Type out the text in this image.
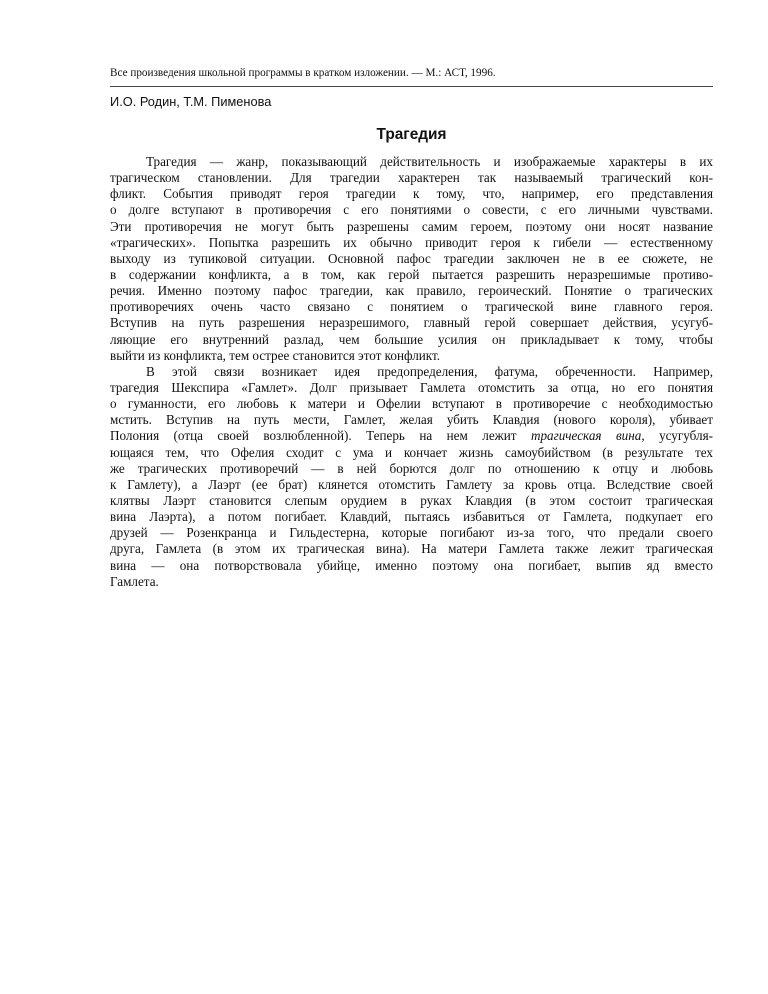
Все произведения школьной программы в кратком изложении. — М.: АСТ, 1996.

И.О. Родин, Т.М. Пименова

Трагедия
Трагедия — жанр, показывающий действительность и изображаемые характеры в их
трагическом становлении. Для трагедии характерен так называемый трагический кон-
фликт. События приводят героя трагедии к тому, что, например, его представления
о долге вступают в противоречия с его понятиями о совести, с его личными чувствами.
Эти противоречия не могут быть разрешены самим героем, поэтому они носят название
«трагических». Попытка разрешить их обычно приводит героя к гибели — естественному
выходу из тупиковой ситуации. Основной пафос трагедии заключен не в ее сюжете, не
в содержании конфликта, а в том, как герой пытается разрешить неразрешимые противо-
речия. Именно поэтому пафос трагедии, как правило, героический. Понятие о трагических
противоречиях очень часто связано с понятием о трагической вине главного героя.
Вступив на путь разрешения неразрешимого, главный герой совершает действия, усугуб-
ляющие его внутренний разлад, чем большие усилия он прикладывает к тому, чтобы
выйти из конфликта, тем острее становится этот конфликт.
В этой связи возникает идея предопределения, фатума, обреченности. Например,
трагедия Шекспира «Гамлет». Долг призывает Гамлета отомстить за отца, но его понятия
о гуманности, его любовь к матери и Офелии вступают в противоречие с необходимостью
мстить. Вступив на путь мести, Гамлет, желая убить Клавдия (нового короля), убивает
Полония (отца своей возлюбленной). Теперь на нем лежит трагическая вина, усугубля-
ющаяся тем, что Офелия сходит с ума и кончает жизнь самоубийством (в результате тех
же трагических противоречий — в ней борются долг по отношению к отцу и любовь
к Гамлету), а Лаэрт (ее брат) клянется отомстить Гамлету за кровь отца. Вследствие своей
клятвы Лаэрт становится слепым орудием в руках Клавдия (в этом состоит трагическая
вина Лаэрта), а потом погибает. Клавдий, пытаясь избавиться от Гамлета, подкупает его
друзей — Розенкранца и Гильдестерна, которые погибают из-за того, что предали своего
друга, Гамлета (в этом их трагическая вина). На матери Гамлета также лежит трагическая
вина — она потворствовала убийце, именно поэтому она погибает, выпив яд вместо
Гамлета.
